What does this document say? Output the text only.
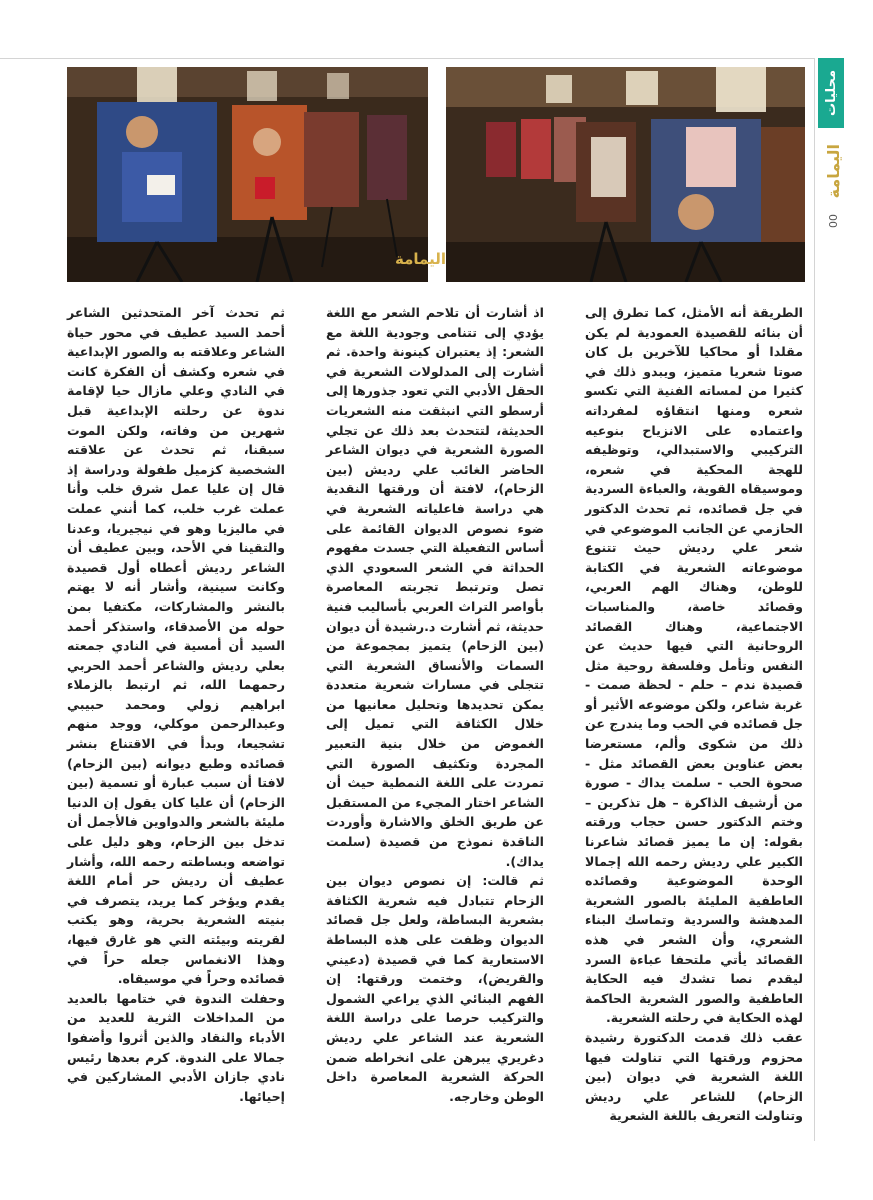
محليات
اليمامة
00
اليمامة

الطريقة أنه الأمثل، كما تطرق إلى أن بنائه للقصيدة العمودية لم يكن مقلدا أو محاكيا للآخرين بل كان صوتا شعريا متميز، ويبدو ذلك في كثيرا من لمساته الفنية التي تكسو شعره ومنها انتقاؤه لمفرداته واعتماده على الانزياح بنوعيه التركيبي والاستبدالي، وتوظيفه للهجة المحكية في شعره، وموسيقاه القوية، والعباءة السردية في جل قصائده، ثم تحدث الدكتور الحازمي عن الجانب الموضوعي في شعر علي رديش حيث تتنوع موضوعاته الشعرية في الكتابة للوطن، وهناك الهم العربي، وقصائد خاصة، والمناسبات الاجتماعية، وهناك القصائد الروحانية التي فيها حديث عن النفس وتأمل وفلسفة روحية مثل قصيدة ندم – حلم - لحظة صمت - غربة شاعر، ولكن موضوعه الأثير أو جل قصائده في الحب وما يندرج عن ذلك من شكوى وألم، مستعرضا بعض عناوين بعض القصائد مثل - صحوة الحب - سلمت يداك - صورة من أرشيف الذاكرة – هل تذكرين – وختم الدكتور حسن حجاب ورقته بقوله: إن ما يميز قصائد شاعرنا الكبير علي رديش رحمه الله إجمالا الوحدة الموضوعية وقصائده العاطفية المليئة بالصور الشعرية المدهشة والسردية وتماسك البناء الشعري، وأن الشعر في هذه القصائد يأتي ملتحفا عباءة السرد ليقدم نصا تشدك فيه الحكاية العاطفية والصور الشعرية الحاكمة لهذه الحكاية في رحلته الشعرية.

عقب ذلك قدمت الدكتورة رشيدة محزوم ورقتها التي تناولت فيها اللغة الشعرية في ديوان (بين الزحام) للشاعر علي رديش وتناولت التعريف باللغة الشعرية

اذ أشارت أن تلاحم الشعر مع اللغة يؤدي إلى تتنامى وجودية اللغة مع الشعر: إذ يعتبران كينونة واحدة. ثم أشارت إلى المدلولات الشعرية في الحقل الأدبي التي تعود جذورها إلى أرسطو التي انبثقت منه الشعريات الحديثة، لتتحدث بعد ذلك عن تجلي الصورة الشعرية في ديوان الشاعر الحاضر الغائب علي رديش (بين الزحام)، لافتة أن ورقتها النقدية هي دراسة فاعلياته الشعرية في ضوء نصوص الديوان القائمة على أساس التفعيلة التي جسدت مفهوم الحداثة في الشعر السعودي الذي تصل وترتبط تجربته المعاصرة بأواصر التراث العربي بأساليب فنية حديثة، ثم أشارت د.رشيدة أن ديوان (بين الزحام) يتميز بمجموعة من السمات والأنساق الشعرية التي تتجلى في مسارات شعرية متعددة يمكن تحديدها وتحليل معانيها من خلال الكثافة التي تميل إلى الغموض من خلال بنية التعبير المجردة وتكثيف الصورة التي تمردت على اللغة النمطية حيث أن الشاعر اختار المجيء من المستقبل عن طريق الخلق والاشارة وأوردت الناقدة نموذج من قصيدة (سلمت يداك).

ثم قالت: إن نصوص ديوان بين الزحام تتبادل فيه شعرية الكثافة بشعرية البساطة، ولعل جل قصائد الديوان وظفت على هذه البساطة الاستعارية كما في قصيدة (دعيني والقريض)، وختمت ورقتها: إن الفهم البنائي الذي يراعي الشمول والتركيب حرصا على دراسة اللغة الشعرية عند الشاعر علي رديش دغريري يبرهن على انخراطه ضمن الحركة الشعرية المعاصرة داخل الوطن وخارجه.

ثم تحدث آخر المتحدثين الشاعر أحمد السيد عطيف في محور حياة الشاعر وعلاقته به والصور الإبداعية في شعره وكشف أن الفكرة كانت في النادي وعلي مازال حيا لإقامة ندوة عن رحلته الإبداعية قبل شهرين من وفاته، ولكن الموت سبقنا، ثم تحدث عن علاقته الشخصية كزميل طفولة ودراسة إذ قال إن عليا عمل شرق خلب وأنا عملت غرب خلب، كما أنني عملت في ماليزيا وهو في نيجيريا، وعدنا والتقينا في الأحد، وبين عطيف أن الشاعر رديش أعطاه أول قصيدة وكانت سينية، وأشار أنه لا يهتم بالنشر والمشاركات، مكتفيا بمن حوله من الأصدقاء، واستذكر أحمد السيد أن أمسية في النادي جمعته بعلي رديش والشاعر أحمد الحربي رحمهما الله، ثم ارتبط بالزملاء ابراهيم زولي ومحمد حبيبي وعبدالرحمن موكلي، ووجد منهم تشجيعا، وبدأ في الاقتناع بنشر قصائده وطبع ديوانه (بين الزحام) لافتا أن سبب عبارة أو تسمية (بين الزحام) أن عليا كان يقول إن الدنيا مليئة بالشعر والدواوين فالأجمل أن تدخل بين الزحام، وهو دليل على تواضعه وبساطته رحمه الله، وأشار عطيف أن رديش حر أمام اللغة يقدم ويؤخر كما يريد، يتصرف في بنيته الشعرية بحرية، وهو يكتب لقريته وبيئته التي هو غارق فيها، وهذا الانغماس جعله حراً في قصائده وحراً في موسيقاه.

وحفلت الندوة في ختامها بالعديد من المداخلات الثرية للعديد من الأدباء والنقاد والذين أثروا وأضفوا جمالا على الندوة. كرم بعدها رئيس نادي جازان الأدبي المشاركين في إحيائها.
